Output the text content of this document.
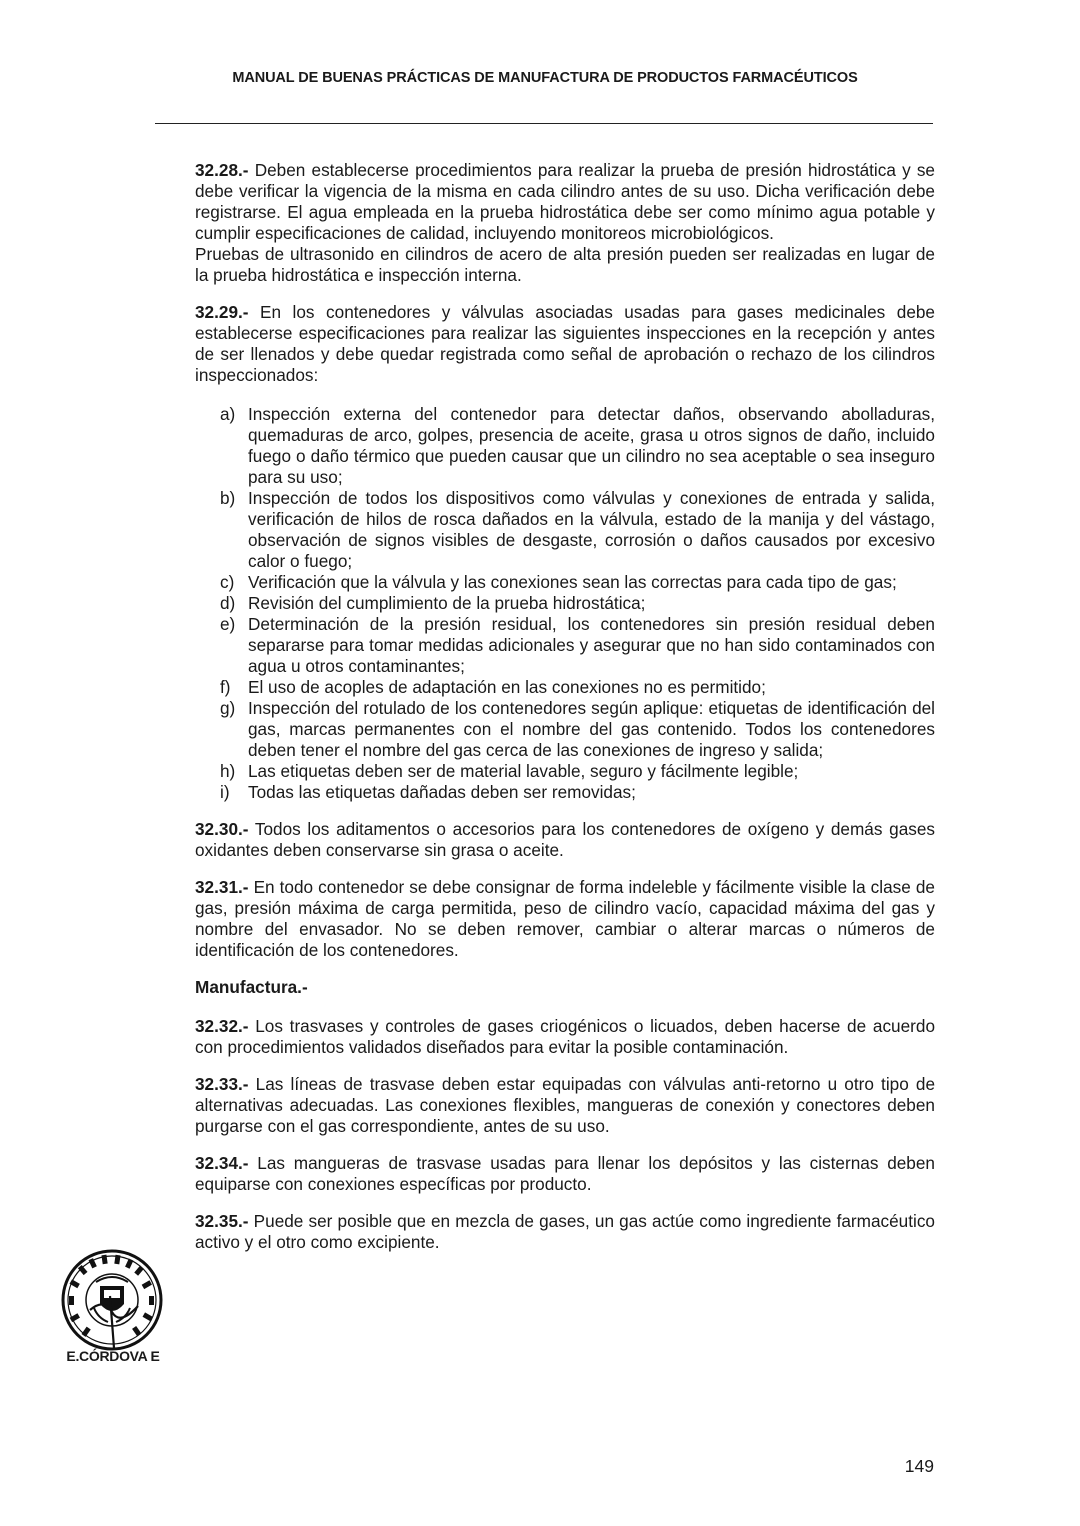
MANUAL DE BUENAS PRÁCTICAS DE MANUFACTURA DE PRODUCTOS FARMACÉUTICOS

32.28.- Deben establecerse procedimientos para realizar la prueba de presión hidrostática y se debe verificar la vigencia de la misma en cada cilindro antes de su uso. Dicha verificación debe registrarse. El agua empleada en la prueba hidrostática debe ser como mínimo agua potable y cumplir especificaciones de calidad, incluyendo monitoreos microbiológicos.

Pruebas de ultrasonido en cilindros de acero de alta presión pueden ser realizadas en lugar de la prueba hidrostática e inspección interna.

32.29.- En los contenedores y válvulas asociadas usadas para gases medicinales debe establecerse especificaciones para realizar las siguientes inspecciones en la recepción y antes de ser llenados y debe quedar registrada como señal de aprobación o rechazo de los cilindros inspeccionados:

a) Inspección externa del contenedor para detectar daños, observando abolladuras, quemaduras de arco, golpes, presencia de aceite, grasa u otros signos de daño, incluido fuego o daño térmico que pueden causar que un cilindro no sea aceptable o sea inseguro para su uso;
b) Inspección de todos los dispositivos como válvulas y conexiones de entrada y salida, verificación de hilos de rosca dañados en la válvula, estado de la manija y del vástago, observación de signos visibles de desgaste, corrosión o daños causados por excesivo calor o fuego;
c) Verificación que la válvula y las conexiones sean las correctas para cada tipo de gas;
d) Revisión del cumplimiento de la prueba hidrostática;
e) Determinación de la presión residual, los contenedores sin presión residual deben separarse para tomar medidas adicionales y asegurar que no han sido contaminados con agua u otros contaminantes;
f)	El uso de acoples de adaptación en las conexiones no es permitido;
g) Inspección del rotulado de los contenedores según aplique: etiquetas de identificación del gas, marcas permanentes con el nombre del gas contenido. Todos los contenedores deben tener el nombre del gas cerca de las conexiones de ingreso y salida;
h) Las etiquetas deben ser de material lavable, seguro y fácilmente legible;
i)	Todas las etiquetas dañadas deben ser removidas;

32.30.- Todos los aditamentos o accesorios para los contenedores de oxígeno y demás gases oxidantes deben conservarse sin grasa o aceite.

32.31.- En todo contenedor se debe consignar de forma indeleble y fácilmente visible la clase de gas, presión máxima de carga permitida, peso de cilindro vacío, capacidad máxima del gas y nombre del envasador. No se deben remover, cambiar o alterar marcas o números de identificación de los contenedores.

Manufactura.-

32.32.- Los trasvases y controles de gases criogénicos o licuados, deben hacerse de acuerdo con procedimientos validados diseñados para evitar la posible contaminación.

32.33.- Las líneas de trasvase deben estar equipadas con válvulas anti-retorno u otro tipo de alternativas adecuadas. Las conexiones flexibles, mangueras de conexión y conectores deben purgarse con el gas correspondiente, antes de su uso.

32.34.- Las mangueras de trasvase usadas para llenar los depósitos y las cisternas deben equiparse con conexiones específicas por producto.

32.35.- Puede ser posible que en mezcla de gases, un gas actúe como ingrediente farmacéutico activo y el otro como excipiente.

E.CÓRDOVA E
149
